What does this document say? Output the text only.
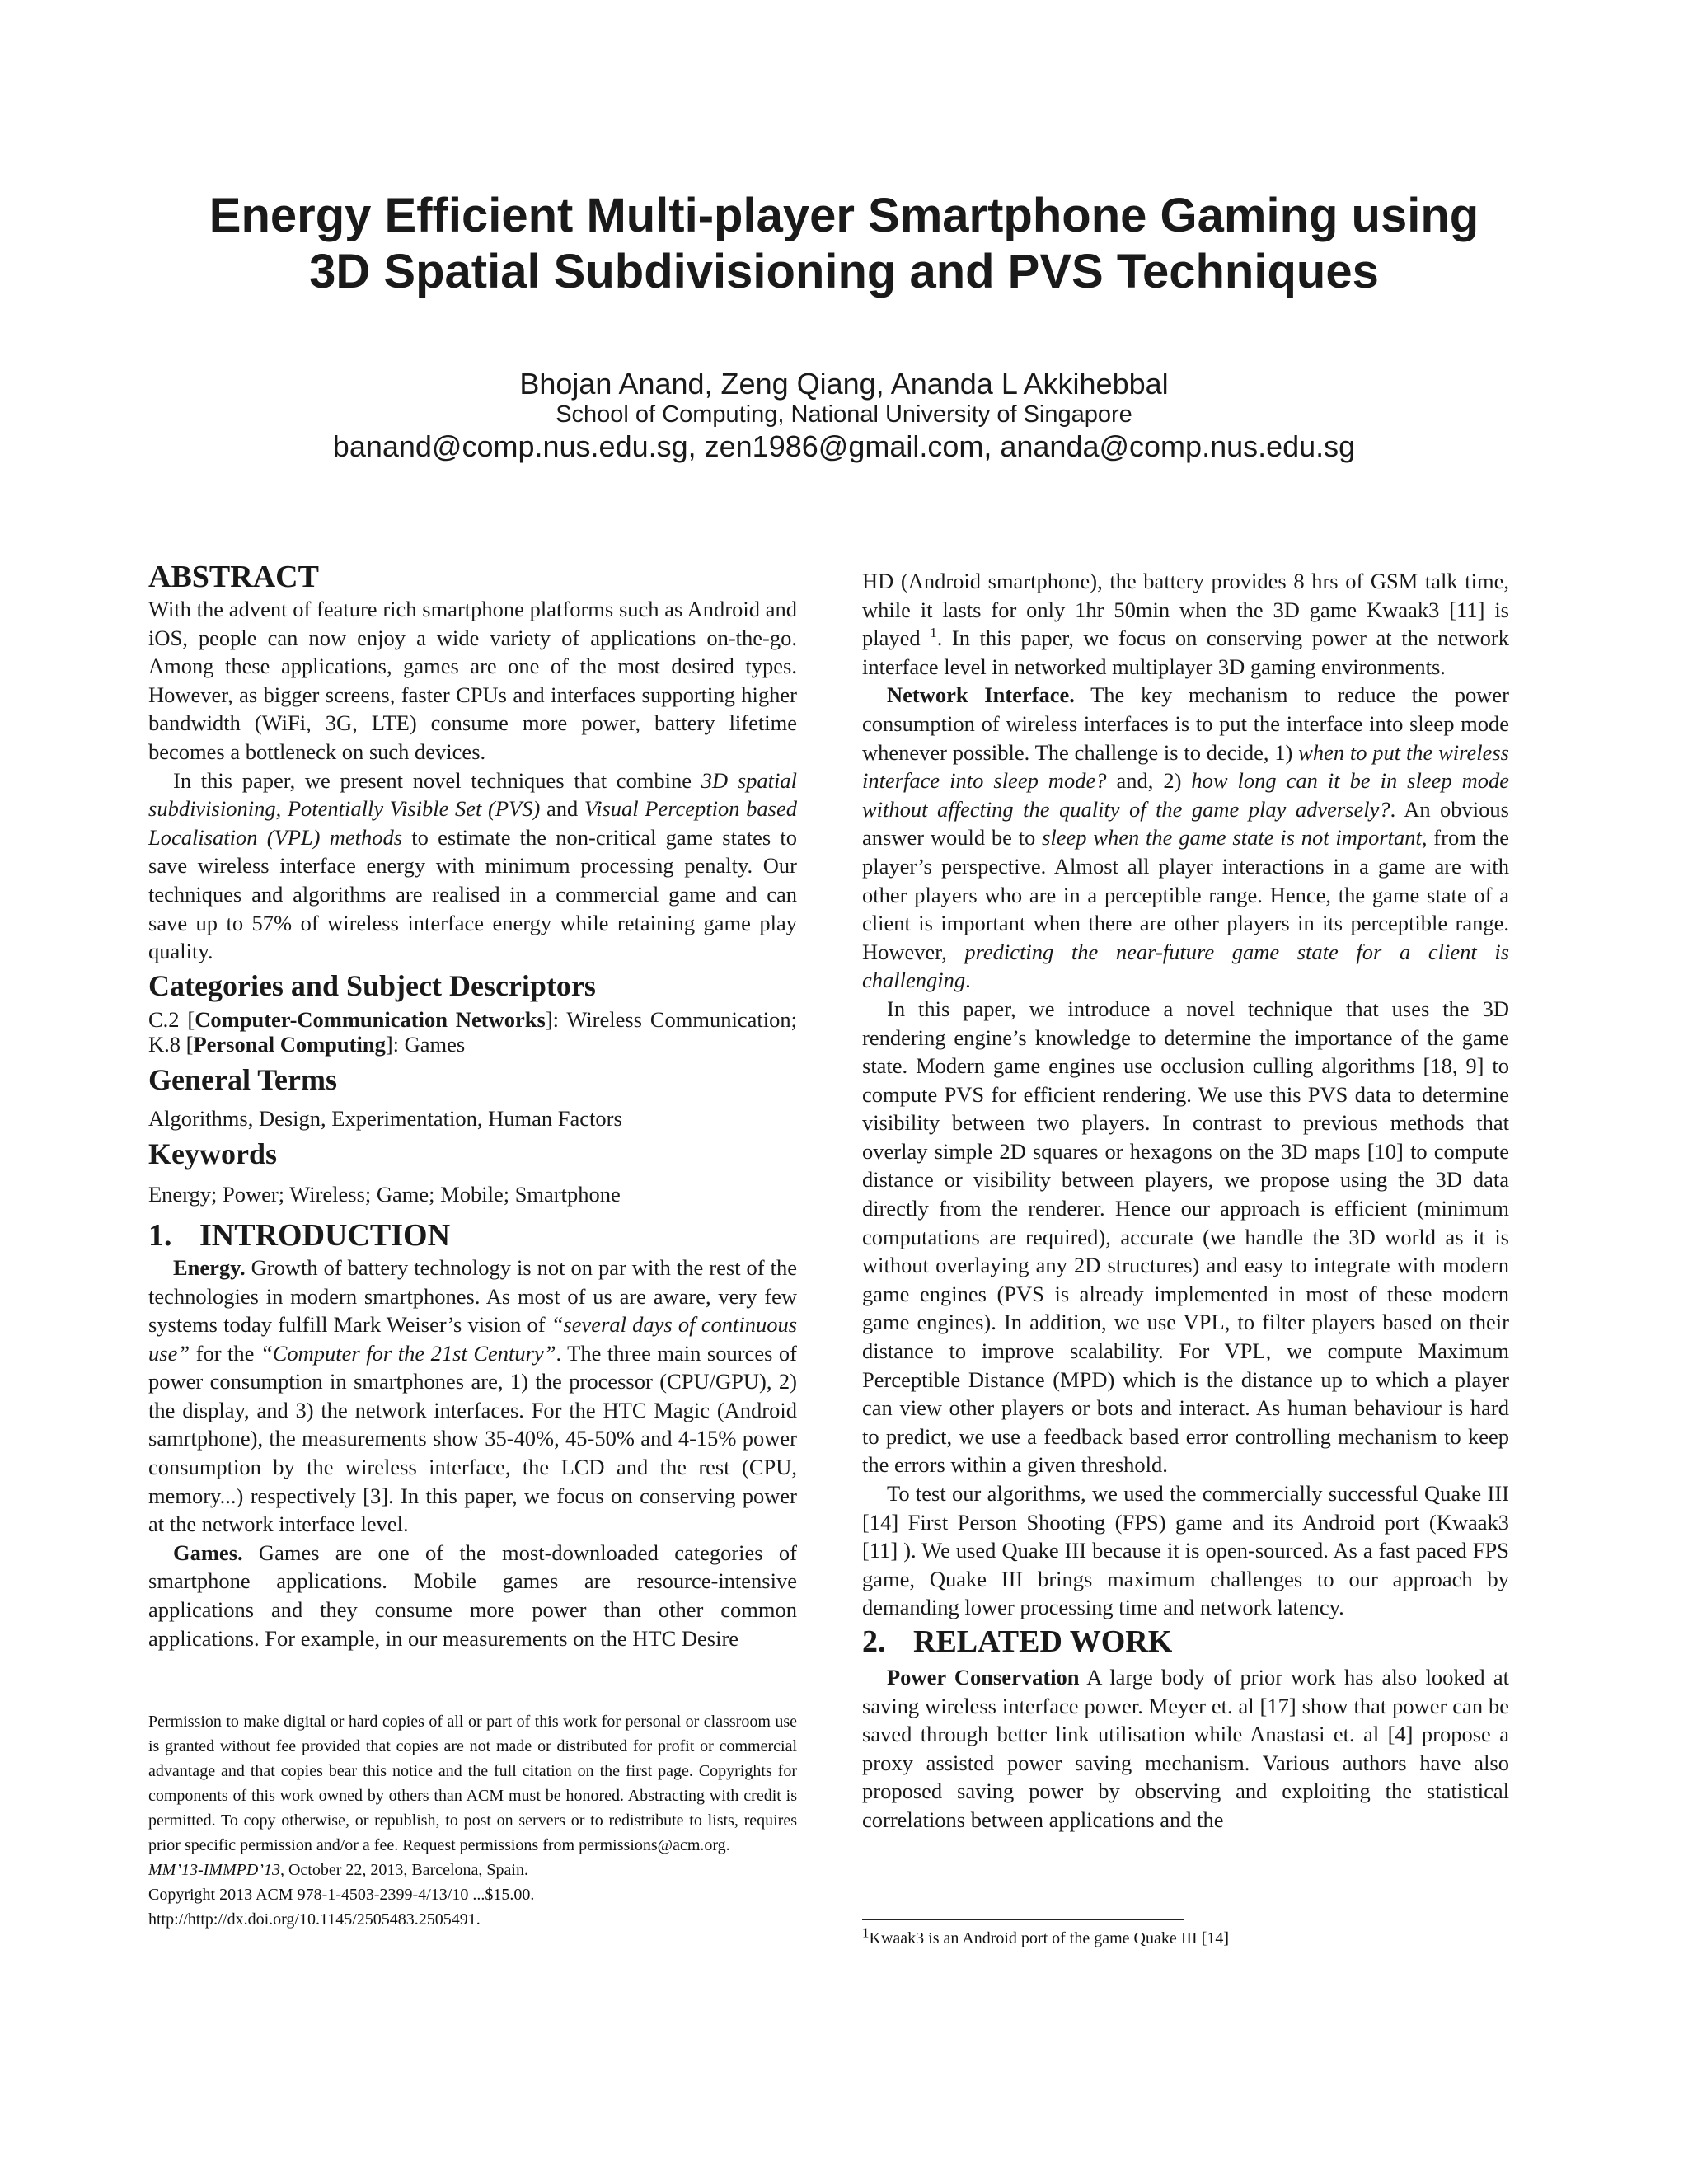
Energy Efficient Multi-player Smartphone Gaming using
3D Spatial Subdivisioning and PVS Techniques
Bhojan Anand, Zeng Qiang, Ananda L Akkihebbal
School of Computing, National University of Singapore
banand@comp.nus.edu.sg, zen1986@gmail.com, ananda@comp.nus.edu.sg
ABSTRACT

With the advent of feature rich smartphone platforms such as Android and iOS, people can now enjoy a wide variety of applications on-the-go. Among these applications, games are one of the most desired types. However, as bigger screens, faster CPUs and interfaces supporting higher bandwidth (WiFi, 3G, LTE) consume more power, battery lifetime becomes a bottleneck on such devices.

In this paper, we present novel techniques that combine 3D spatial subdivisioning, Potentially Visible Set (PVS) and Visual Perception based Localisation (VPL) methods to estimate the non-critical game states to save wireless interface energy with minimum processing penalty. Our techniques and algorithms are realised in a commercial game and can save up to 57% of wireless interface energy while retaining game play quality.

Categories and Subject Descriptors

C.2 [Computer-Communication Networks]: Wireless Communication; K.8 [Personal Computing]: Games

General Terms

Algorithms, Design, Experimentation, Human Factors

Keywords

Energy; Power; Wireless; Game; Mobile; Smartphone

1. INTRODUCTION

Energy. Growth of battery technology is not on par with the rest of the technologies in modern smartphones. As most of us are aware, very few systems today fulfill Mark Weiser’s vision of “several days of continuous use” for the “Computer for the 21st Century”. The three main sources of power consumption in smartphones are, 1) the processor (CPU/GPU), 2) the display, and 3) the network interfaces. For the HTC Magic (Android samrtphone), the measurements show 35-40%, 45-50% and 4-15% power consumption by the wireless interface, the LCD and the rest (CPU, memory...) respectively [3]. In this paper, we focus on conserving power at the network interface level.

Games. Games are one of the most-downloaded categories of smartphone applications. Mobile games are resource-intensive applications and they consume more power than other common applications. For example, in our measurements on the HTC Desire

Permission to make digital or hard copies of all or part of this work for personal or classroom use is granted without fee provided that copies are not made or distributed for profit or commercial advantage and that copies bear this notice and the full citation on the first page. Copyrights for components of this work owned by others than ACM must be honored. Abstracting with credit is permitted. To copy otherwise, or republish, to post on servers or to redistribute to lists, requires prior specific permission and/or a fee. Request permissions from permissions@acm.org.

MM’13-IMMPD’13, October 22, 2013, Barcelona, Spain.

Copyright 2013 ACM 978-1-4503-2399-4/13/10 ...$15.00.

http://http://dx.doi.org/10.1145/2505483.2505491.

HD (Android smartphone), the battery provides 8 hrs of GSM talk time, while it lasts for only 1hr 50min when the 3D game Kwaak3 [11] is played $^1$. In this paper, we focus on conserving power at the network interface level in networked multiplayer 3D gaming environments.

Network Interface. The key mechanism to reduce the power consumption of wireless interfaces is to put the interface into sleep mode whenever possible. The challenge is to decide, 1) when to put the wireless interface into sleep mode? and, 2) how long can it be in sleep mode without affecting the quality of the game play adversely?. An obvious answer would be to sleep when the game state is not important, from the player’s perspective. Almost all player interactions in a game are with other players who are in a perceptible range. Hence, the game state of a client is important when there are other players in its perceptible range. However, predicting the near-future game state for a client is challenging.

In this paper, we introduce a novel technique that uses the 3D rendering engine’s knowledge to determine the importance of the game state. Modern game engines use occlusion culling algorithms [18, 9] to compute PVS for efficient rendering. We use this PVS data to determine visibility between two players. In contrast to previous methods that overlay simple 2D squares or hexagons on the 3D maps [10] to compute distance or visibility between players, we propose using the 3D data directly from the renderer. Hence our approach is efficient (minimum computations are required), accurate (we handle the 3D world as it is without overlaying any 2D structures) and easy to integrate with modern game engines (PVS is already implemented in most of these modern game engines). In addition, we use VPL, to filter players based on their distance to improve scalability. For VPL, we compute Maximum Perceptible Distance (MPD) which is the distance up to which a player can view other players or bots and interact. As human behaviour is hard to predict, we use a feedback based error controlling mechanism to keep the errors within a given threshold.

To test our algorithms, we used the commercially successful Quake III [14] First Person Shooting (FPS) game and its Android port (Kwaak3 [11] ). We used Quake III because it is open-sourced. As a fast paced FPS game, Quake III brings maximum challenges to our approach by demanding lower processing time and network latency.

2. RELATED WORK

Power Conservation A large body of prior work has also looked at saving wireless interface power. Meyer et. al [17] show that power can be saved through better link utilisation while Anastasi et. al [4] propose a proxy assisted power saving mechanism. Various authors have also proposed saving power by observing and exploiting the statistical correlations between applications and the

$^1$Kwaak3 is an Android port of the game Quake III [14]
